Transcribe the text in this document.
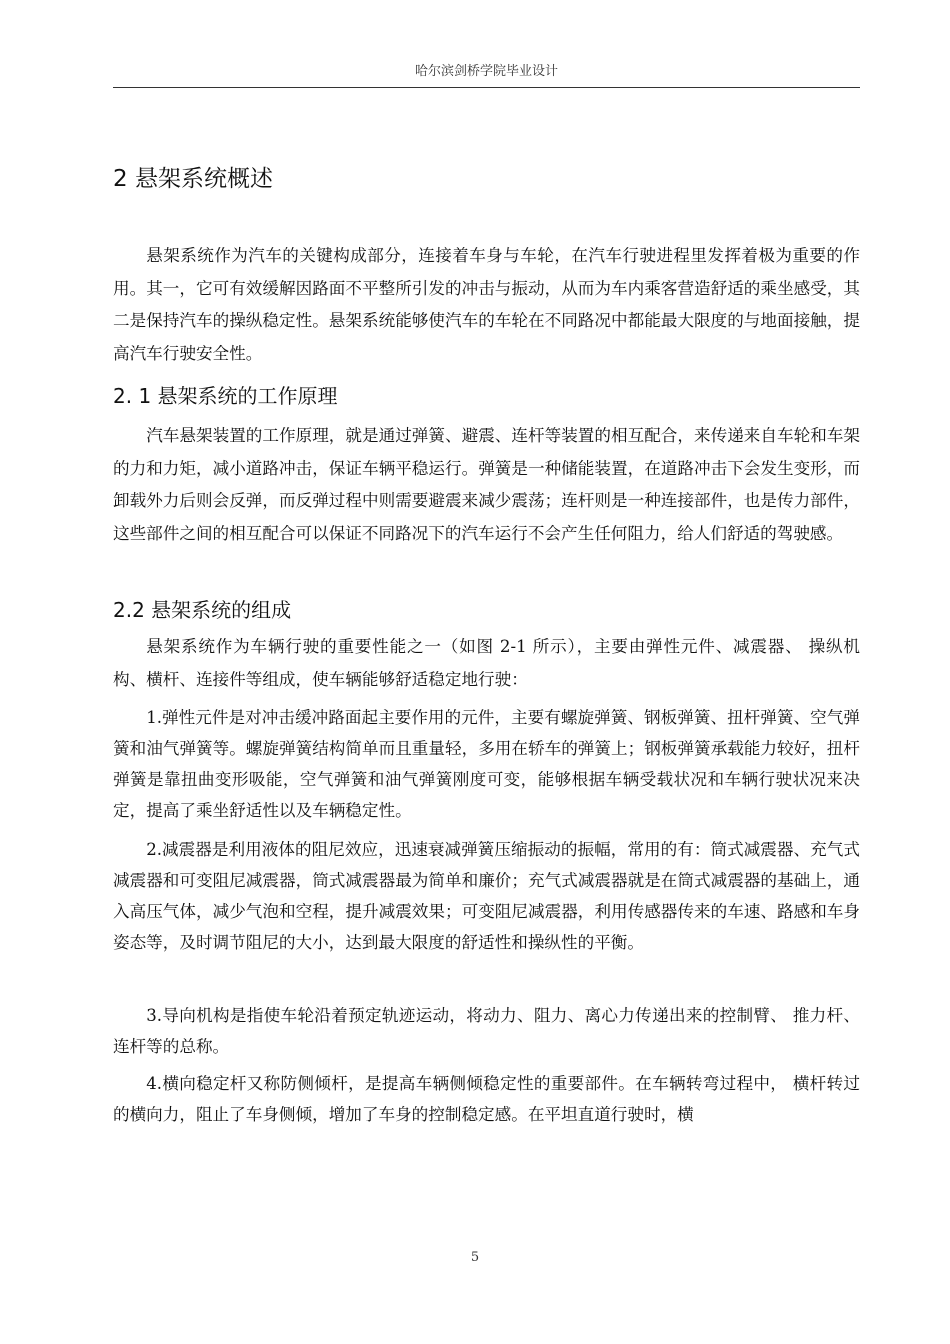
哈尔滨剑桥学院毕业设计
2 悬架系统概述

悬架系统作为汽车的关键构成部分，连接着车身与车轮，在汽车行驶进程里发挥着极为重要的作用。其一，它可有效缓解因路面不平整所引发的冲击与振动，从而为车内乘客营造舒适的乘坐感受，其二是保持汽车的操纵稳定性。悬架系统能够使汽车的车轮在不同路况中都能最大限度的与地面接触，提高汽车行驶安全性。

2. 1 悬架系统的工作原理

汽车悬架装置的工作原理，就是通过弹簧、避震、连杆等装置的相互配合，来传递来自车轮和车架的力和力矩，减小道路冲击，保证车辆平稳运行。弹簧是一种储能装置，在道路冲击下会发生变形，而卸载外力后则会反弹，而反弹过程中则需要避震来减少震荡；连杆则是一种连接部件，也是传力部件，这些部件之间的相互配合可以保证不同路况下的汽车运行不会产生任何阻力，给人们舒适的驾驶感。

2.2 悬架系统的组成

悬架系统作为车辆行驶的重要性能之一（如图 2-1 所示），主要由弹性元件、减震器、 操纵机构、横杆、连接件等组成，使车辆能够舒适稳定地行驶：

1.弹性元件是对冲击缓冲路面起主要作用的元件，主要有螺旋弹簧、钢板弹簧、扭杆弹簧、空气弹簧和油气弹簧等。螺旋弹簧结构简单而且重量轻，多用在轿车的弹簧上；钢板弹簧承载能力较好，扭杆弹簧是靠扭曲变形吸能，空气弹簧和油气弹簧刚度可变，能够根据车辆受载状况和车辆行驶状况来决定，提高了乘坐舒适性以及车辆稳定性。

2.减震器是利用液体的阻尼效应，迅速衰减弹簧压缩振动的振幅，常用的有：筒式减震器、充气式减震器和可变阻尼减震器，筒式减震器最为简单和廉价；充气式减震器就是在筒式减震器的基础上，通入高压气体，减少气泡和空程，提升减震效果；可变阻尼减震器，利用传感器传来的车速、路感和车身姿态等，及时调节阻尼的大小，达到最大限度的舒适性和操纵性的平衡。

3.导向机构是指使车轮沿着预定轨迹运动，将动力、阻力、离心力传递出来的控制臂、 推力杆、连杆等的总称。

4.横向稳定杆又称防侧倾杆，是提高车辆侧倾稳定性的重要部件。在车辆转弯过程中， 横杆转过的横向力，阻止了车身侧倾，增加了车身的控制稳定感。在平坦直道行驶时，横

5
